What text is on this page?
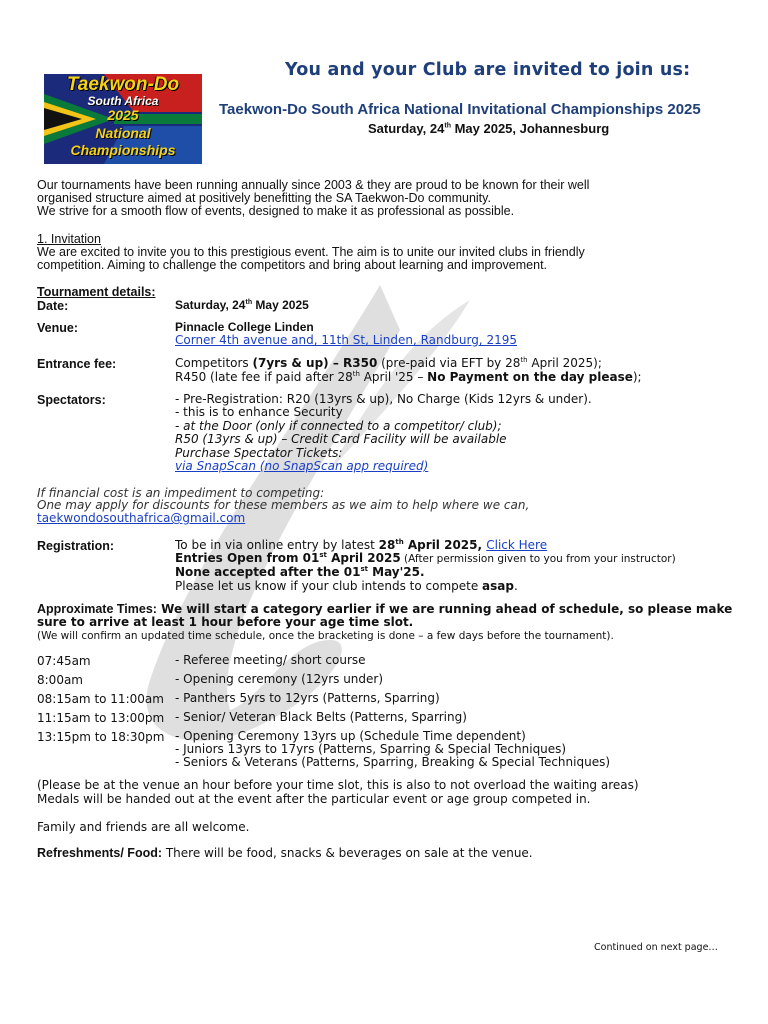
Taekwon-Do
South Africa
2025
National
Championships
You and your Club are invited to join us:
Taekwon-Do South Africa National Invitational Championships 2025
Saturday, 24th May 2025, Johannesburg
Our tournaments have been running annually since 2003 & they are proud to be known for their well
organised structure aimed at positively benefitting the SA Taekwon-Do community.
We strive for a smooth flow of events, designed to make it as professional as possible.
1. Invitation
We are excited to invite you to this prestigious event. The aim is to unite our invited clubs in friendly
competition. Aiming to challenge the competitors and bring about learning and improvement.
Tournament details:
Date:	Saturday, 24th May 2025
Venue:	Pinnacle College Linden
Corner 4th avenue and, 11th St, Linden, Randburg, 2195
Entrance fee:	Competitors (7yrs & up) – R350 (pre-paid via EFT by 28th April 2025);
R450 (late fee if paid after 28th April '25 – No Payment on the day please);
Spectators:	- Pre-Registration: R20 (13yrs & up), No Charge (Kids 12yrs & under).
- this is to enhance Security
- at the Door (only if connected to a competitor/ club);
R50 (13yrs & up) – Credit Card Facility will be available
Purchase Spectator Tickets:
via SnapScan (no SnapScan app required)
If financial cost is an impediment to competing:
One may apply for discounts for these members as we aim to help where we can,
taekwondosouthafrica@gmail.com
Registration:	To be in via online entry by latest 28th April 2025, Click Here
Entries Open from 01st April 2025 (After permission given to you from your instructor)
None accepted after the 01st May'25.
Please let us know if your club intends to compete asap.
Approximate Times: We will start a category earlier if we are running ahead of schedule, so please make
sure to arrive at least 1 hour before your age time slot.
(We will confirm an updated time schedule, once the bracketing is done – a few days before the tournament).
07:45am	- Referee meeting/ short course
8:00am	- Opening ceremony (12yrs under)
08:15am to 11:00am - Panthers 5yrs to 12yrs (Patterns, Sparring)
11:15am to 13:00pm - Senior/ Veteran Black Belts (Patterns, Sparring)
13:15pm to 18:30pm - Opening Ceremony 13yrs up (Schedule Time dependent)
- Juniors 13yrs to 17yrs (Patterns, Sparring & Special Techniques)
- Seniors & Veterans (Patterns, Sparring, Breaking & Special Techniques)
(Please be at the venue an hour before your time slot, this is also to not overload the waiting areas)
Medals will be handed out at the event after the particular event or age group competed in.
Family and friends are all welcome.
Refreshments/ Food: There will be food, snacks & beverages on sale at the venue.
Continued on next page…
